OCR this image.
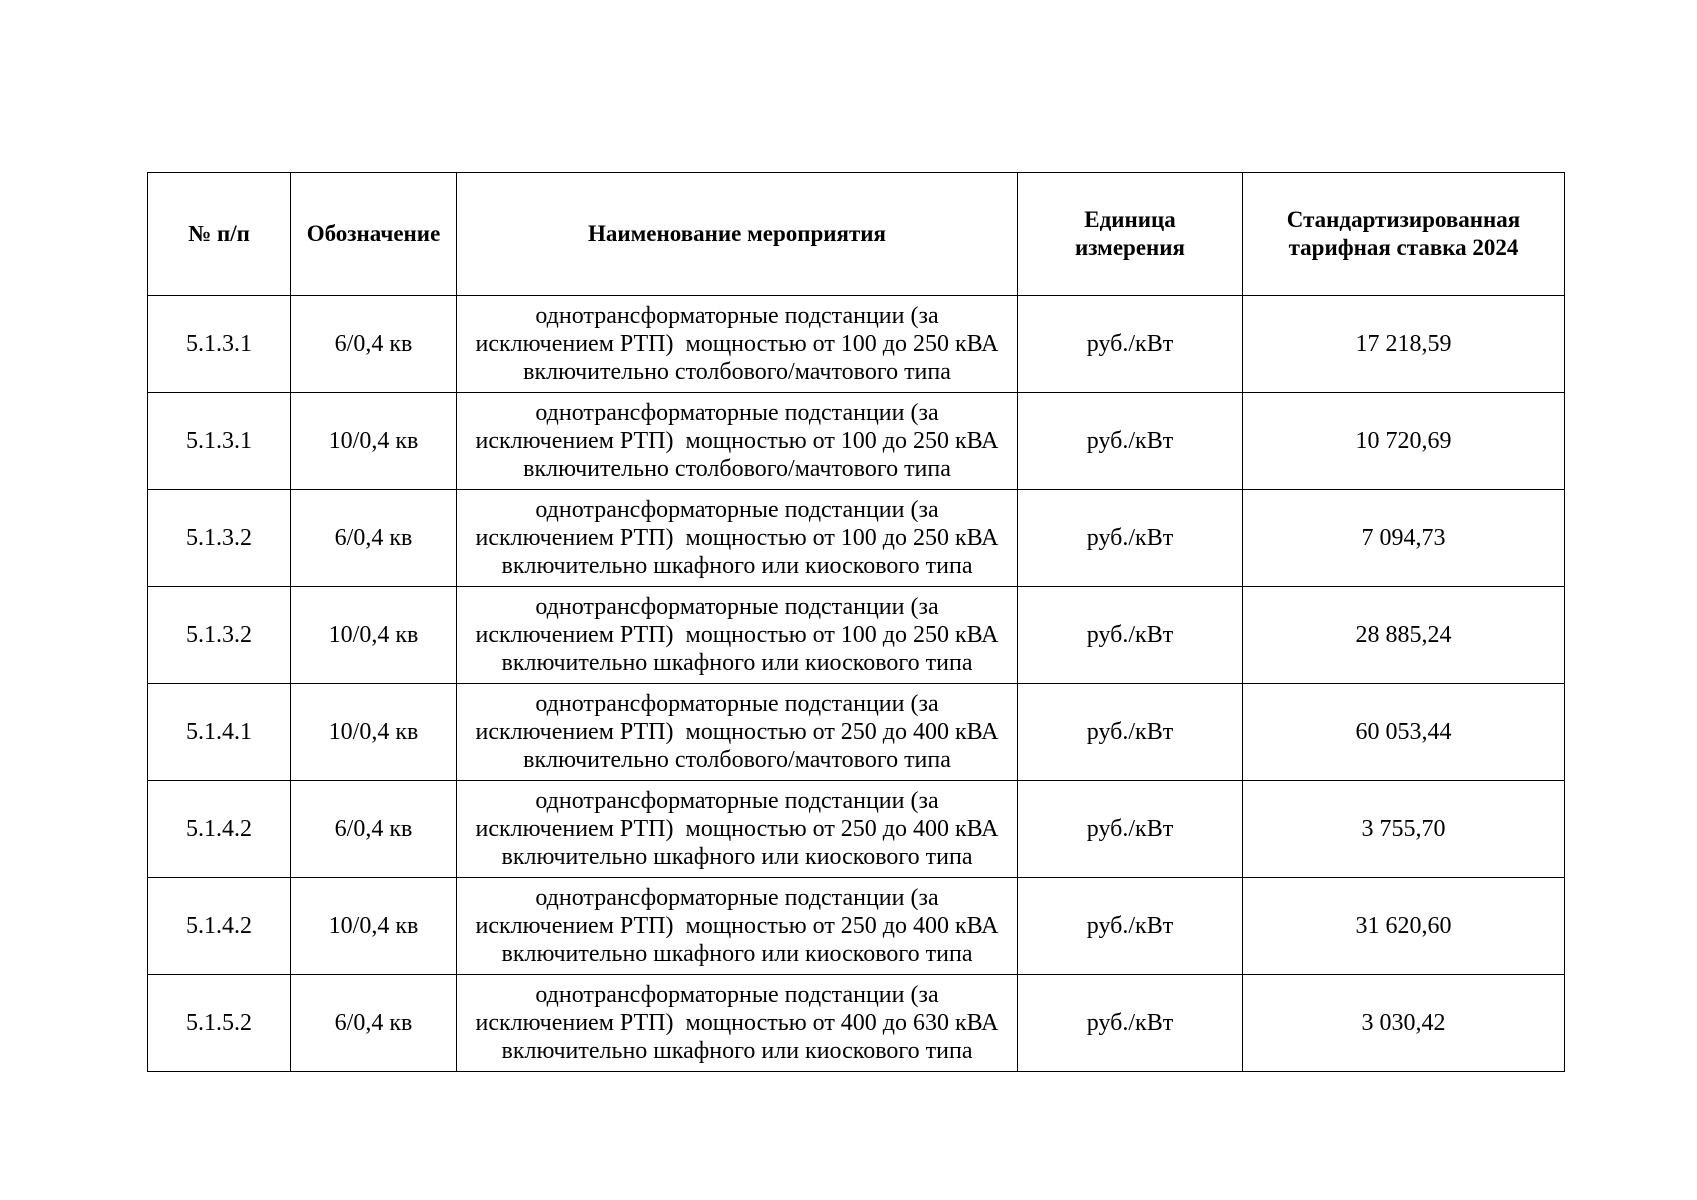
№ п/п	Обозначение	Наименование мероприятия	Единица измерения	Стандартизированная тарифная ставка 2024
5.1.3.1	6/0,4 кв	однотрансформаторные подстанции (за исключением РТП)  мощностью от 100 до 250 кВА включительно столбового/мачтового типа	руб./кВт	17 218,59
5.1.3.1	10/0,4 кв	однотрансформаторные подстанции (за исключением РТП)  мощностью от 100 до 250 кВА включительно столбового/мачтового типа	руб./кВт	10 720,69
5.1.3.2	6/0,4 кв	однотрансформаторные подстанции (за исключением РТП)  мощностью от 100 до 250 кВА включительно шкафного или киоскового типа	руб./кВт	7 094,73
5.1.3.2	10/0,4 кв	однотрансформаторные подстанции (за исключением РТП)  мощностью от 100 до 250 кВА включительно шкафного или киоскового типа	руб./кВт	28 885,24
5.1.4.1	10/0,4 кв	однотрансформаторные подстанции (за исключением РТП)  мощностью от 250 до 400 кВА включительно столбового/мачтового типа	руб./кВт	60 053,44
5.1.4.2	6/0,4 кв	однотрансформаторные подстанции (за исключением РТП)  мощностью от 250 до 400 кВА включительно шкафного или киоскового типа	руб./кВт	3 755,70
5.1.4.2	10/0,4 кв	однотрансформаторные подстанции (за исключением РТП)  мощностью от 250 до 400 кВА включительно шкафного или киоскового типа	руб./кВт	31 620,60
5.1.5.2	6/0,4 кв	однотрансформаторные подстанции (за исключением РТП)  мощностью от 400 до 630 кВА включительно шкафного или киоскового типа	руб./кВт	3 030,42
